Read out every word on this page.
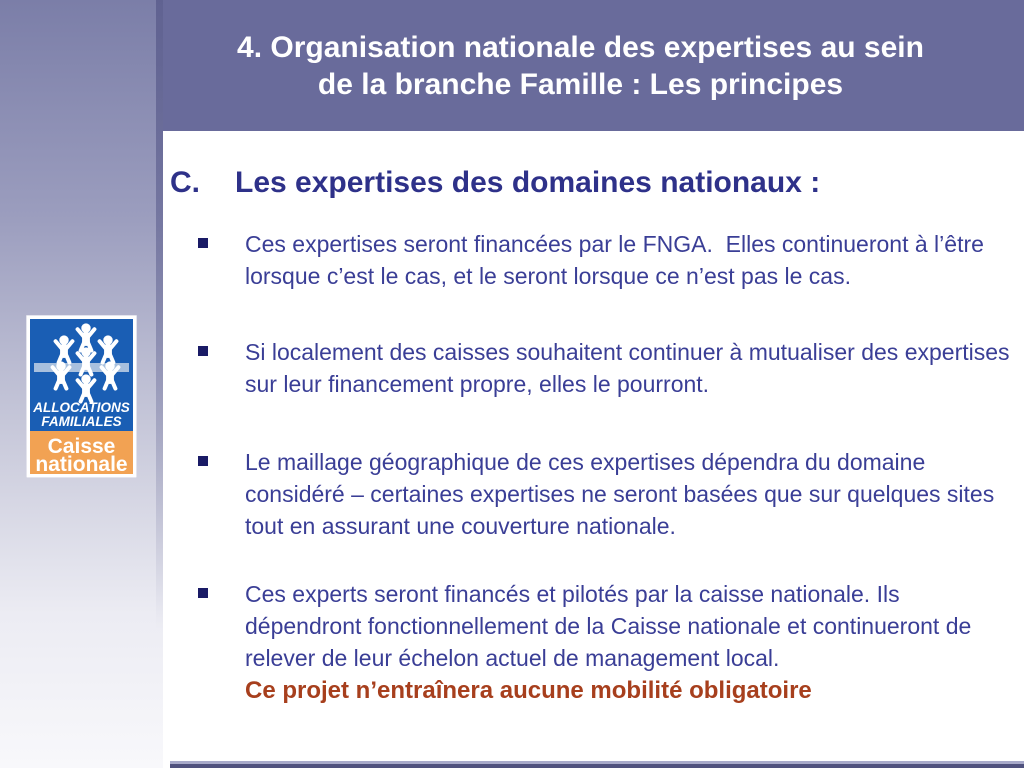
4. Organisation nationale des expertises au sein
de la branche Famille : Les principes
C.	Les expertises des domaines nationaux :
Ces expertises seront financées par le FNGA.  Elles continueront à l’être lorsque c’est le cas, et le seront lorsque ce n’est pas le cas.
Si localement des caisses souhaitent continuer à mutualiser des expertises sur leur financement propre, elles le pourront.
Le maillage géographique de ces expertises dépendra du domaine considéré – certaines expertises ne seront basées que sur quelques sites tout en assurant une couverture nationale.
Ces experts seront financés et pilotés par la caisse nationale. Ils dépendront fonctionnellement de la Caisse nationale et continueront de relever de leur échelon actuel de management local.
Ce projet n’entraînera aucune mobilité obligatoire
ALLOCATIONS
FAMILIALES
Caisse
nationale
